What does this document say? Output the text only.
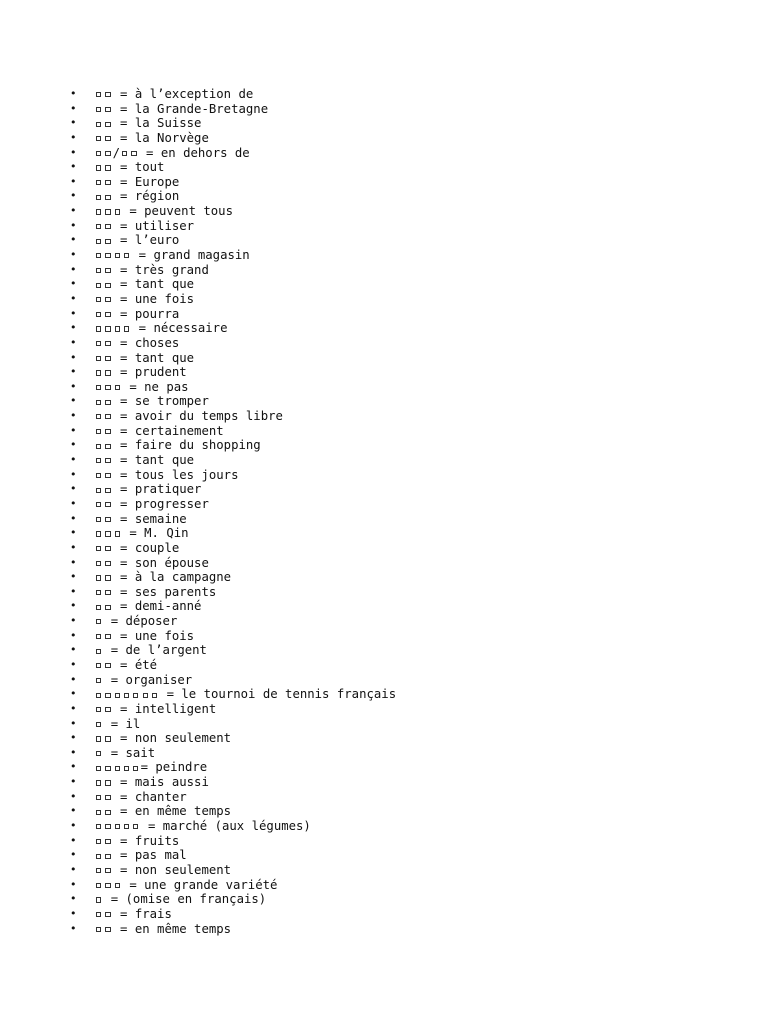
•	= à l’exception de
•	= la Grande-Bretagne
•	= la Suisse
•	= la Norvège
•	/ = en dehors de
•	= tout
•	= Europe
•	= région
•	= peuvent tous
•	= utiliser
•	= l’euro
•	= grand magasin
•	= très grand
•	= tant que
•	= une fois
•	= pourra
•	= nécessaire
•	= choses
•	= tant que
•	= prudent
•	= ne pas
•	= se tromper
•	= avoir du temps libre
•	= certainement
•	= faire du shopping
•	= tant que
•	= tous les jours
•	= pratiquer
•	= progresser
•	= semaine
•	= M. Qin
•	= couple
•	= son épouse
•	= à la campagne
•	= ses parents
•	= demi-anné
• = déposer
•	= une fois
• = de l’argent
•	= été
• = organiser
•	= le tournoi de tennis français
•	= intelligent
• = il
•	= non seulement
• = sait
•	= peindre
•	= mais aussi
•	= chanter
•	= en même temps
•	= marché (aux légumes)
•	= fruits
•	= pas mal
•	= non seulement
•	= une grande variété
• = (omise en français)
•	= frais
•	= en même temps
